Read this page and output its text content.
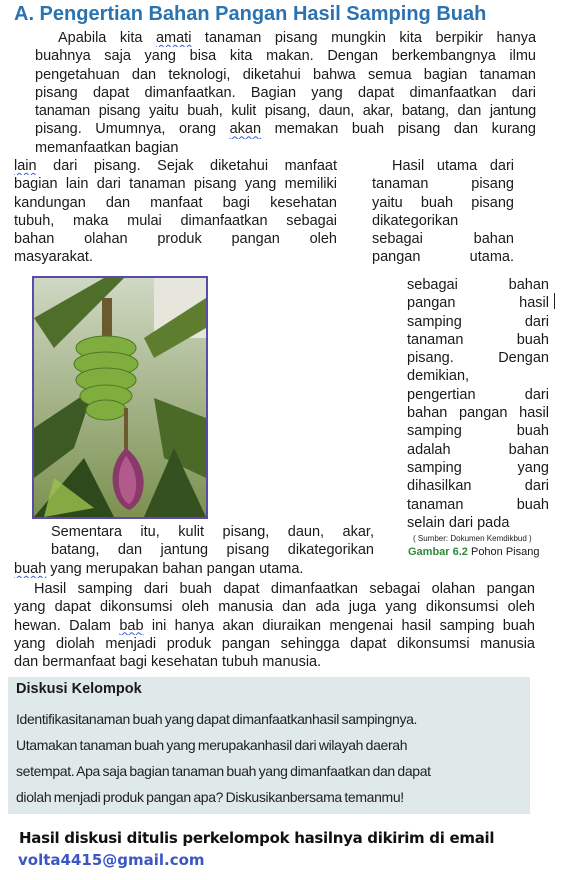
A. Pengertian Bahan Pangan Hasil Samping Buah
Apabila kita amati tanaman pisang mungkin kita berpikir hanya
buahnya saja yang bisa kita makan. Dengan berkembangnya ilmu
pengetahuan dan teknologi, diketahui bahwa semua bagian tanaman
pisang dapat dimanfaatkan. Bagian yang dapat dimanfaatkan dari
tanaman pisang yaitu buah, kulit pisang, daun, akar, batang, dan jantung
pisang. Umumnya, orang akan memakan buah pisang dan kurang
memanfaatkan bagian
lain dari pisang. Sejak diketahui manfaat
bagian lain dari tanaman pisang yang memiliki
kandungan dan manfaat bagi kesehatan
tubuh, maka mulai dimanfaatkan sebagai
bahan olahan produk pangan oleh
masyarakat.
Hasil utama dari
tanaman pisang
yaitu buah pisang
dikategorikan
sebagai bahan
pangan utama.
sebagai bahan
pangan hasil
samping dari
tanaman buah
pisang. Dengan
demikian,
pengertian dari
bahan pangan hasil
samping buah
adalah bahan
samping yang
dihasilkan dari
tanaman buah
selain dari pada
( Sumber: Dokumen Kemdikbud )
Gambar 6.2 Pohon Pisang
Sementara itu, kulit pisang, daun, akar,
batang, dan jantung pisang dikategorikan
buah yang merupakan bahan pangan utama.
Hasil samping dari buah dapat dimanfaatkan sebagai olahan pangan
yang dapat dikonsumsi oleh manusia dan ada juga yang dikonsumsi oleh
hewan. Dalam bab ini hanya akan diuraikan mengenai hasil samping buah
yang diolah menjadi produk pangan sehingga dapat dikonsumsi manusia
dan bermanfaat bagi kesehatan tubuh manusia.
Diskusi Kelompok
Identifikasitanaman buah yang dapat dimanfaatkanhasil sampingnya.
Utamakan tanaman buah yang merupakanhasil dari wilayah daerah
setempat. Apa saja bagian tanaman buah yang dimanfaatkan dan dapat
diolah menjadi produk pangan apa? Diskusikanbersama temanmu!
Hasil diskusi ditulis perkelompok hasilnya dikirim di email
volta4415@gmail.com
